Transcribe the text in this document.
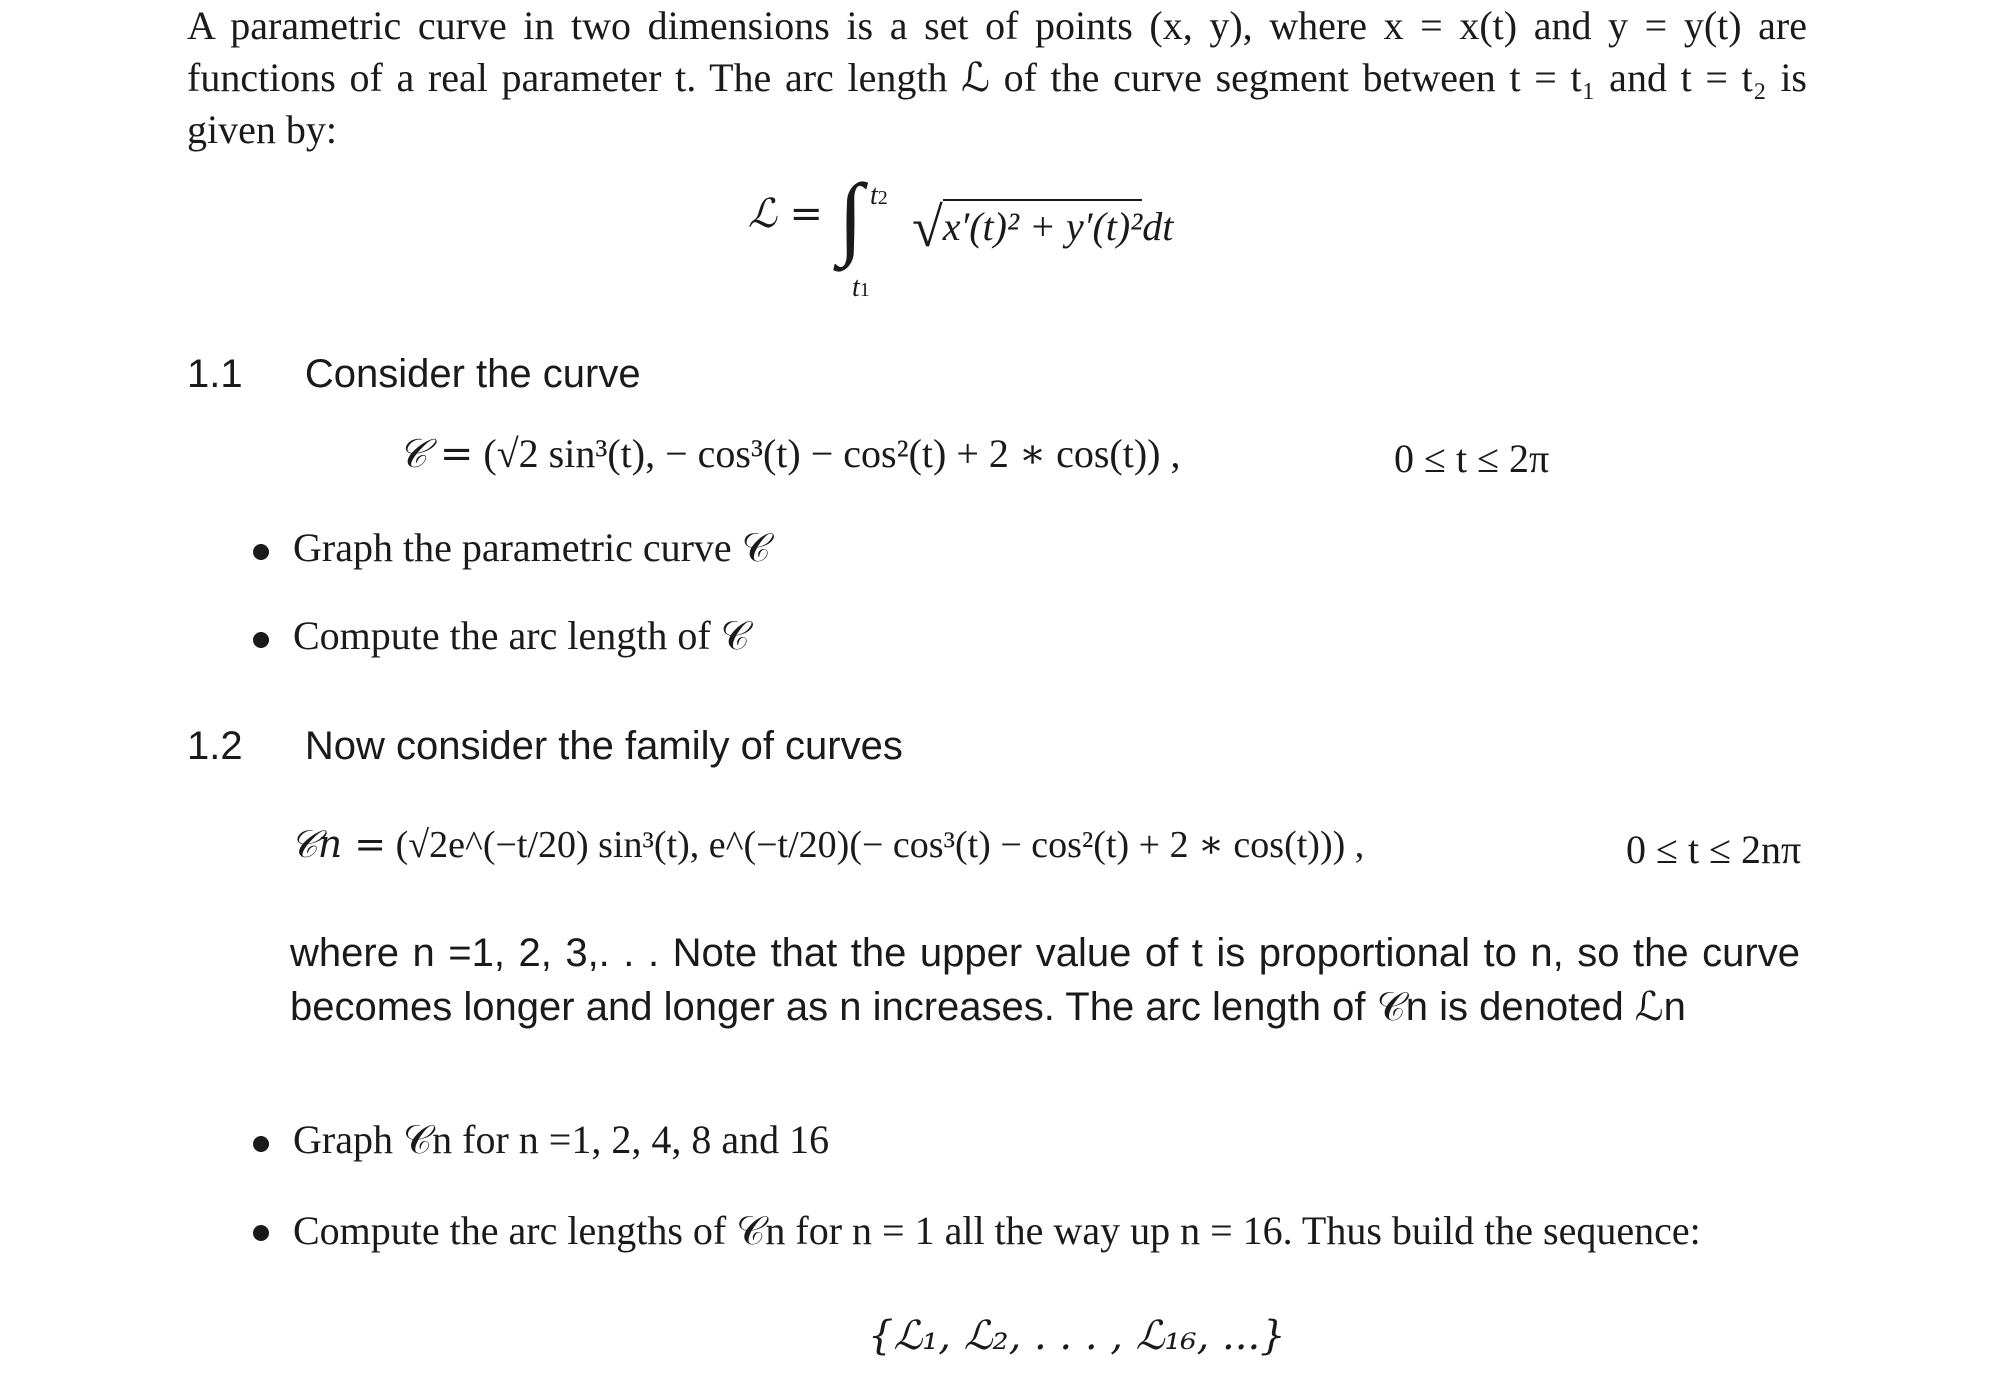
A parametric curve in two dimensions is a set of points (x, y), where x = x(t) and y = y(t) are functions of a real parameter t. The arc length ℒ of the curve segment between t = t₁ and t = t₂ is given by:
ℒ = ∫ t2
t1
√x′(t)² + y′(t)²dt
1.1 Consider the curve
𝒞 = (√2 sin³(t), − cos³(t) − cos²(t) + 2 ∗ cos(t)) ,	0 ≤ t ≤ 2π
Graph the parametric curve 𝒞
Compute the arc length of 𝒞
1.2 Now consider the family of curves
𝒞n = (√2e^(−t/20) sin³(t), e^(−t/20)(− cos³(t) − cos²(t) + 2 ∗ cos(t))) ,	0 ≤ t ≤ 2nπ
where n =1, 2, 3,. . . Note that the upper value of t is proportional to n, so the curve becomes longer and longer as n increases. The arc length of 𝒞n is denoted ℒn
Graph 𝒞n for n =1, 2, 4, 8 and 16
Compute the arc lengths of 𝒞n for n = 1 all the way up n = 16. Thus build the sequence:
{ℒ₁, ℒ₂, . . . , ℒ₁₆, ...}
